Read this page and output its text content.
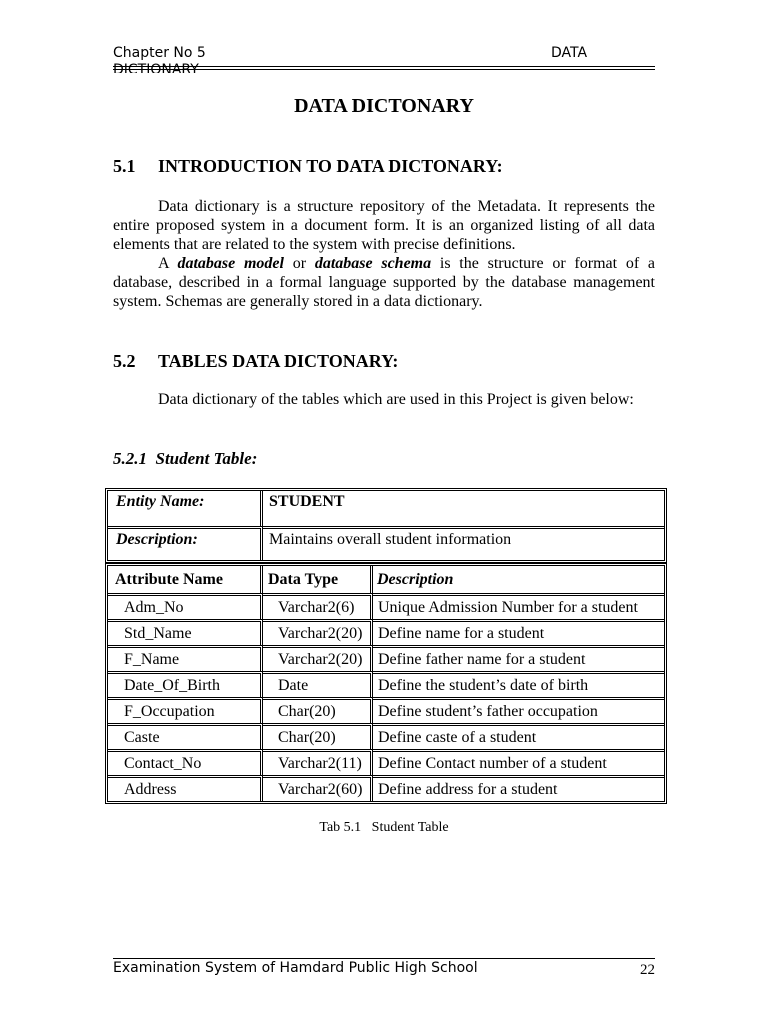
Chapter No 5	DATA
DICTIONARY
DATA DICTONARY
5.1 INTRODUCTION TO DATA DICTONARY:

Data dictionary is a structure repository of the Metadata. It represents the entire proposed system in a document form. It is an organized listing of all data elements that are related to the system with precise definitions.

A database model or database schema is the structure or format of a database, described in a formal language supported by the database management system. Schemas are generally stored in a data dictionary.

5.2 TABLES DATA DICTONARY:

Data dictionary of the tables which are used in this Project is given below:

5.2.1 Student Table:
Entity Name:	STUDENT
Description:	Maintains overall student information
Attribute Name	Data Type	Description
Adm_No	Varchar2(6)	Unique Admission Number for a student
Std_Name	Varchar2(20)	Define name for a student
F_Name	Varchar2(20)	Define father name for a student
Date_Of_Birth	Date	Define the student’s date of birth
F_Occupation	Char(20)	Define student’s father occupation
Caste	Char(20)	Define caste of a student
Contact_No	Varchar2(11)	Define Contact number of a student
Address	Varchar2(60)	Define address for a student
Tab 5.1   Student Table
Examination System of Hamdard Public High School	22
